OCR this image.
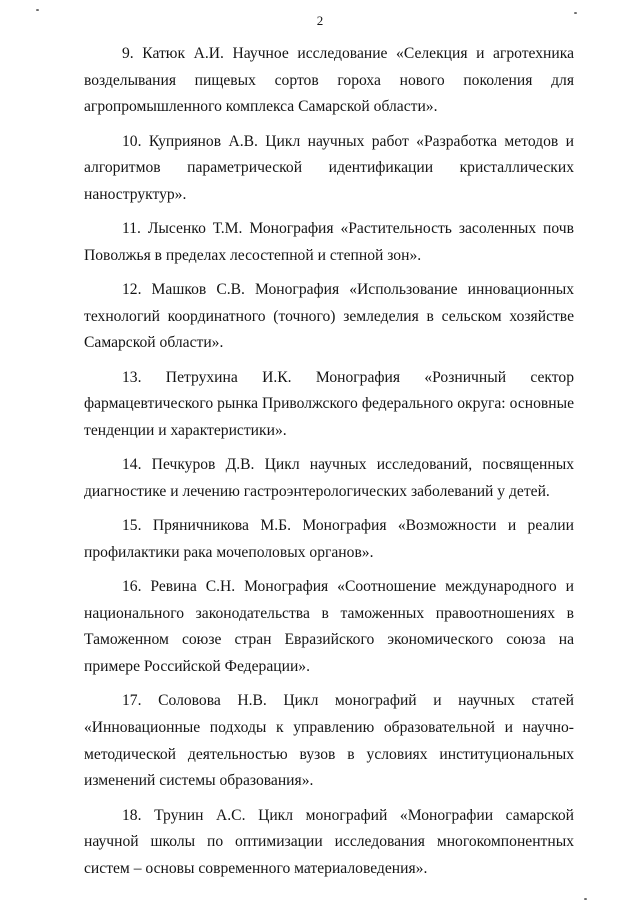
2

9. Катюк А.И. Научное исследование «Селекция и агротехника возделывания пищевых сортов гороха нового поколения для агропромышленного комплекса Самарской области».

10. Куприянов А.В. Цикл научных работ «Разработка методов и алгоритмов параметрической идентификации кристаллических наноструктур».

11. Лысенко Т.М. Монография «Растительность засоленных почв Поволжья в пределах лесостепной и степной зон».

12. Машков С.В. Монография «Использование инновационных технологий координатного (точного) земледелия в сельском хозяйстве Самарской области».

13. Петрухина И.К. Монография «Розничный сектор фармацевтического рынка Приволжского федерального округа: основные тенденции и характеристики».

14. Печкуров Д.В. Цикл научных исследований, посвященных диагностике и лечению гастроэнтерологических заболеваний у детей.

15. Пряничникова М.Б. Монография «Возможности и реалии профилактики рака мочеполовых органов».

16. Ревина С.Н. Монография «Соотношение международного и национального законодательства в таможенных правоотношениях в Таможенном союзе стран Евразийского экономического союза на примере Российской Федерации».

17. Соловова Н.В. Цикл монографий и научных статей «Инновационные подходы к управлению образовательной и научно-методической деятельностью вузов в условиях институциональных изменений системы образования».

18. Трунин А.С. Цикл монографий «Монографии самарской научной школы по оптимизации исследования многокомпонентных систем – основы современного материаловедения».
